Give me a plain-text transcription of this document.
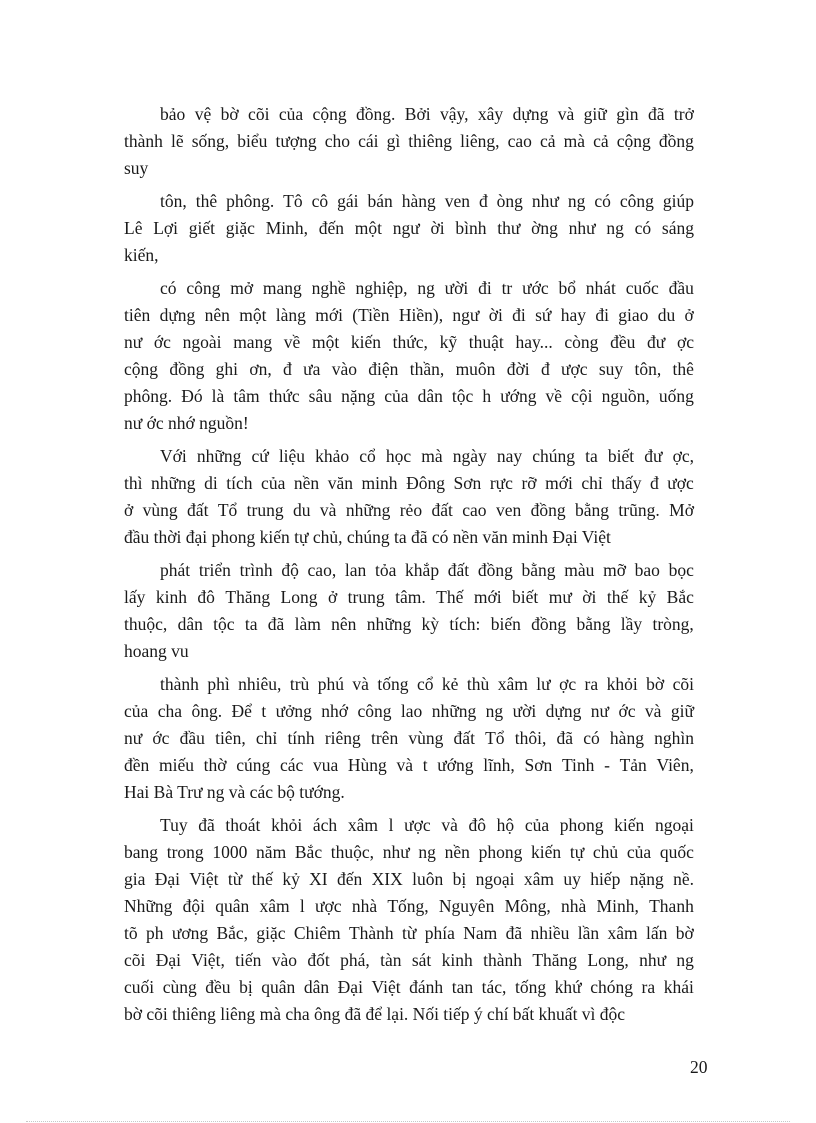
bảo vệ bờ cõi của cộng đồng. Bởi vậy, xây dựng và giữ gìn đã trở
thành lẽ sống, biểu tượng cho cái gì thiêng liêng, cao cả mà cả cộng đồng
suy
tôn, thê phông. Tô cô gái bán hàng ven đ òng như ng có công giúp
Lê Lợi giết giặc Minh, đến một ngư ời bình thư ờng như ng có sáng
kiến,
có công mở mang nghề nghiệp, ng ười đi tr ước bổ nhát cuốc đầu
tiên dựng nên một làng mới (Tiền Hiền), ngư ời đi sứ hay đi giao du ở
nư ớc ngoài mang về một kiến thức, kỹ thuật hay... còng đều đư ợc
cộng đồng ghi ơn, đ ưa vào điện thần, muôn đời đ ược suy tôn, thê
phông. Đó là tâm thức sâu nặng của dân tộc h ướng về cội nguồn, uống
nư ớc nhớ nguồn!
Với những cứ liệu khảo cổ học mà ngày nay chúng ta biết đư ợc,
thì những di tích của nền văn minh Đông Sơn rực rỡ mới chỉ thấy đ ược
ở vùng đất Tổ trung du và những rẻo đất cao ven đồng bằng trũng. Mở
đầu thời đại phong kiến tự chủ, chúng ta đã có nền văn minh Đại Việt
phát triển trình độ cao, lan tỏa khắp đất đồng bằng màu mỡ bao bọc
lấy kinh đô Thăng Long ở trung tâm. Thế mới biết mư ời thế kỷ Bắc
thuộc, dân tộc ta đã làm nên những kỳ tích: biến đồng bằng lầy tròng,
hoang vu
thành phì nhiêu, trù phú và tống cổ kẻ thù xâm lư ợc ra khỏi bờ cõi
của cha ông. Để t ưởng nhớ công lao những ng ười dựng nư ớc và giữ
nư ớc đầu tiên, chỉ tính riêng trên vùng đất Tổ thôi, đã có hàng nghìn
đền miếu thờ cúng các vua Hùng và t ướng lĩnh, Sơn Tinh - Tản Viên,
Hai Bà Trư ng và các bộ tướng.
Tuy đã thoát khỏi ách xâm l ược và đô hộ của phong kiến ngoại
bang trong 1000 năm Bắc thuộc, như ng nền phong kiến tự chủ của quốc
gia Đại Việt từ thế kỷ XI đến XIX luôn bị ngoại xâm uy hiếp nặng nề.
Những đội quân xâm l ược nhà Tống, Nguyên Mông, nhà Minh, Thanh
tõ ph ương Bắc, giặc Chiêm Thành từ phía Nam đã nhiều lần xâm lấn bờ
cõi Đại Việt, tiến vào đốt phá, tàn sát kinh thành Thăng Long, như ng
cuối cùng đều bị quân dân Đại Việt đánh tan tác, tống khứ chóng ra khái
bờ cõi thiêng liêng mà cha ông đã để lại. Nối tiếp ý chí bất khuất vì độc
20
